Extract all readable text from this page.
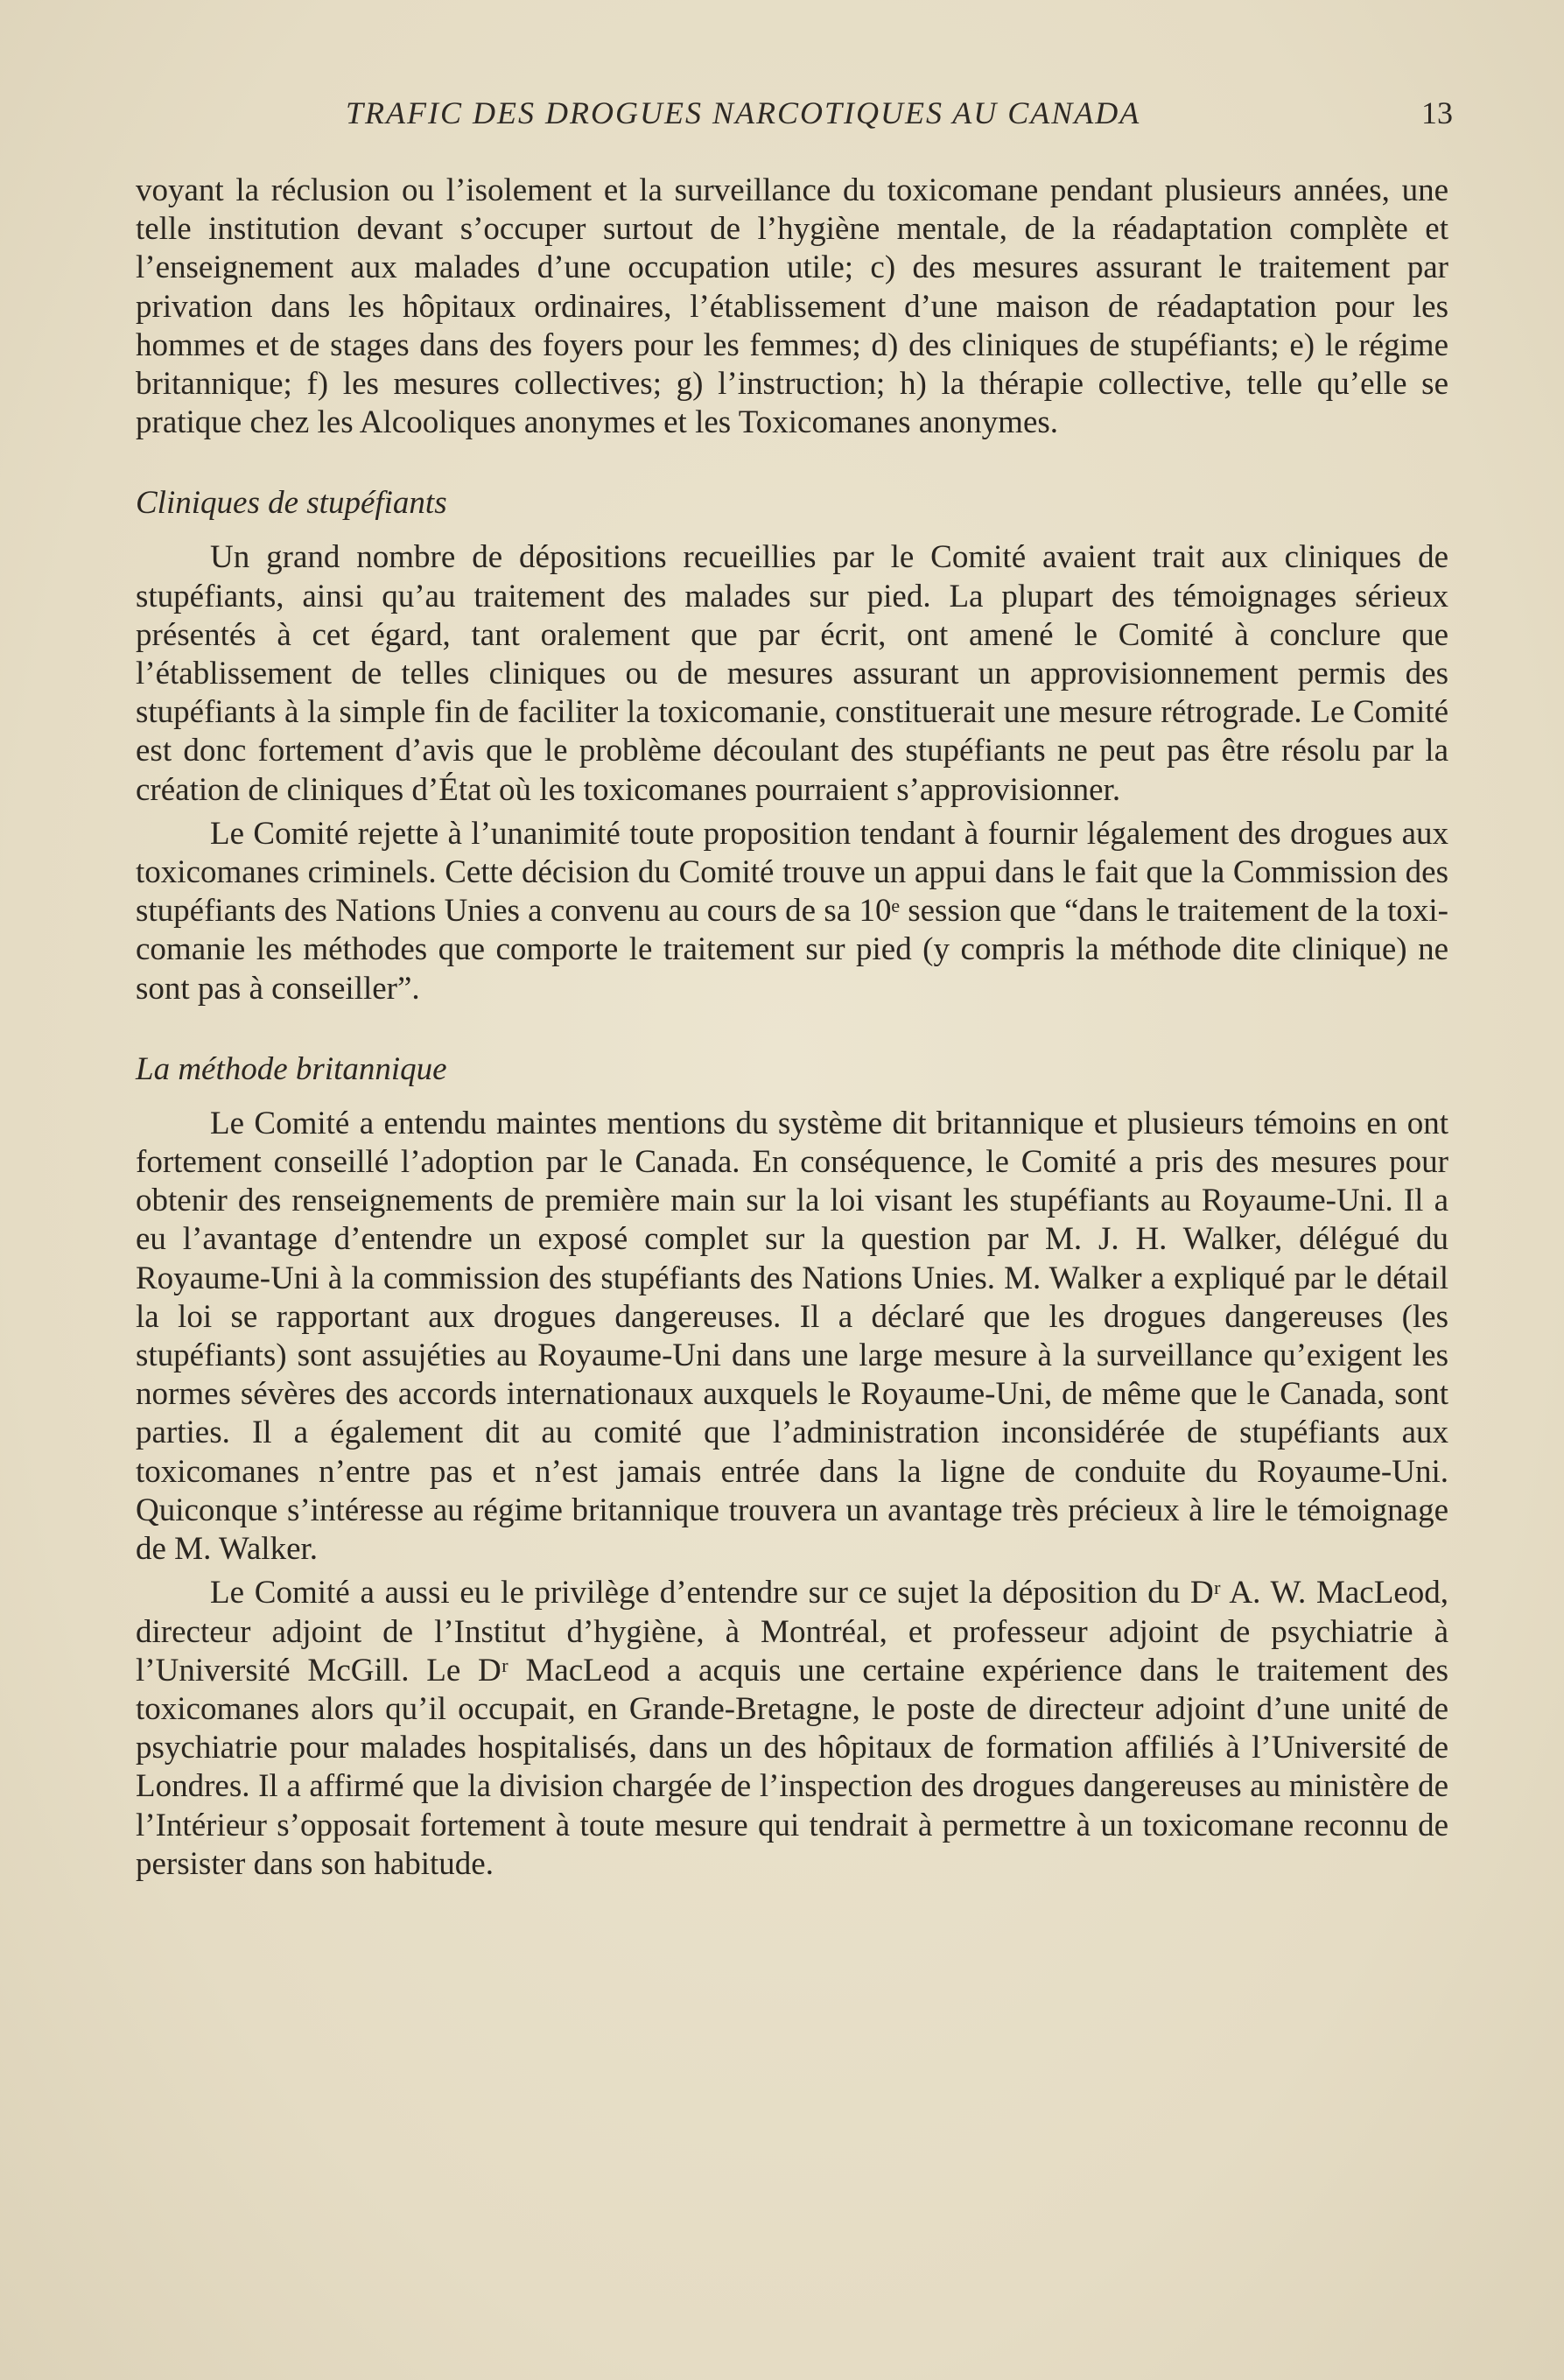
TRAFIC DES DROGUES NARCOTIQUES AU CANADA	13

voyant la réclusion ou l’isolement et la surveillance du toxicomane pendant plusieurs années, une telle institution devant s’occuper surtout de l’hygiène mentale, de la réadaptation complète et l’enseignement aux malades d’une occupation utile; c) des mesures assurant le traitement par privation dans les hôpitaux ordinaires, l’établissement d’une maison de réadaptation pour les hommes et de stages dans des foyers pour les femmes; d) des cliniques de stupéfiants; e) le régime britannique; f) les mesures collectives; g) l’instruction; h) la thérapie collective, telle qu’elle se pratique chez les Alcooliques anonymes et les Toxicomanes anonymes.

Cliniques de stupéfiants

Un grand nombre de dépositions recueillies par le Comité avaient trait aux cliniques de stupéfiants, ainsi qu’au traitement des malades sur pied. La plupart des témoignages sérieux présentés à cet égard, tant oralement que par écrit, ont amené le Comité à conclure que l’établissement de telles cliniques ou de mesures assurant un approvisionnement permis des stupéfiants à la simple fin de faciliter la toxicomanie, constituerait une mesure rétrograde. Le Comité est donc fortement d’avis que le problème découlant des stupéfiants ne peut pas être résolu par la création de cliniques d’État où les toxicomanes pourraient s’approvisionner.

Le Comité rejette à l’unanimité toute proposition tendant à fournir légalement des drogues aux toxicomanes criminels. Cette décision du Comité trouve un appui dans le fait que la Commission des stupéfiants des Nations Unies a convenu au cours de sa 10ᵉ session que “dans le traitement de la toxicomanie les méthodes que comporte le traitement sur pied (y compris la méthode dite clinique) ne sont pas à conseiller”.

La méthode britannique

Le Comité a entendu maintes mentions du système dit britannique et plusieurs témoins en ont fortement conseillé l’adoption par le Canada. En conséquence, le Comité a pris des mesures pour obtenir des renseignements de première main sur la loi visant les stupéfiants au Royaume-Uni. Il a eu l’avantage d’entendre un exposé complet sur la question par M. J. H. Walker, délégué du Royaume-Uni à la commission des stupéfiants des Nations Unies. M. Walker a expliqué par le détail la loi se rapportant aux drogues dangereuses. Il a déclaré que les drogues dangereuses (les stupéfiants) sont assujéties au Royaume-Uni dans une large mesure à la surveillance qu’exigent les normes sévères des accords internationaux auxquels le Royaume-Uni, de même que le Canada, sont parties. Il a également dit au comité que l’administration inconsidérée de stupéfiants aux toxicomanes n’entre pas et n’est jamais entrée dans la ligne de conduite du Royaume-Uni. Quiconque s’intéresse au régime britannique trouvera un avantage très précieux à lire le témoignage de M. Walker.

Le Comité a aussi eu le privilège d’entendre sur ce sujet la déposition du Dʳ A. W. MacLeod, directeur adjoint de l’Institut d’hygiène, à Montréal, et professeur adjoint de psychiatrie à l’Université McGill. Le Dʳ MacLeod a acquis une certaine expérience dans le traitement des toxicomanes alors qu’il occupait, en Grande-Bretagne, le poste de directeur adjoint d’une unité de psychiatrie pour malades hospitalisés, dans un des hôpitaux de formation affiliés à l’Université de Londres. Il a affirmé que la division chargée de l’inspection des drogues dangereuses au ministère de l’Intérieur s’opposait fortement à toute mesure qui tendrait à permettre à un toxicomane reconnu de persister dans son habitude.
